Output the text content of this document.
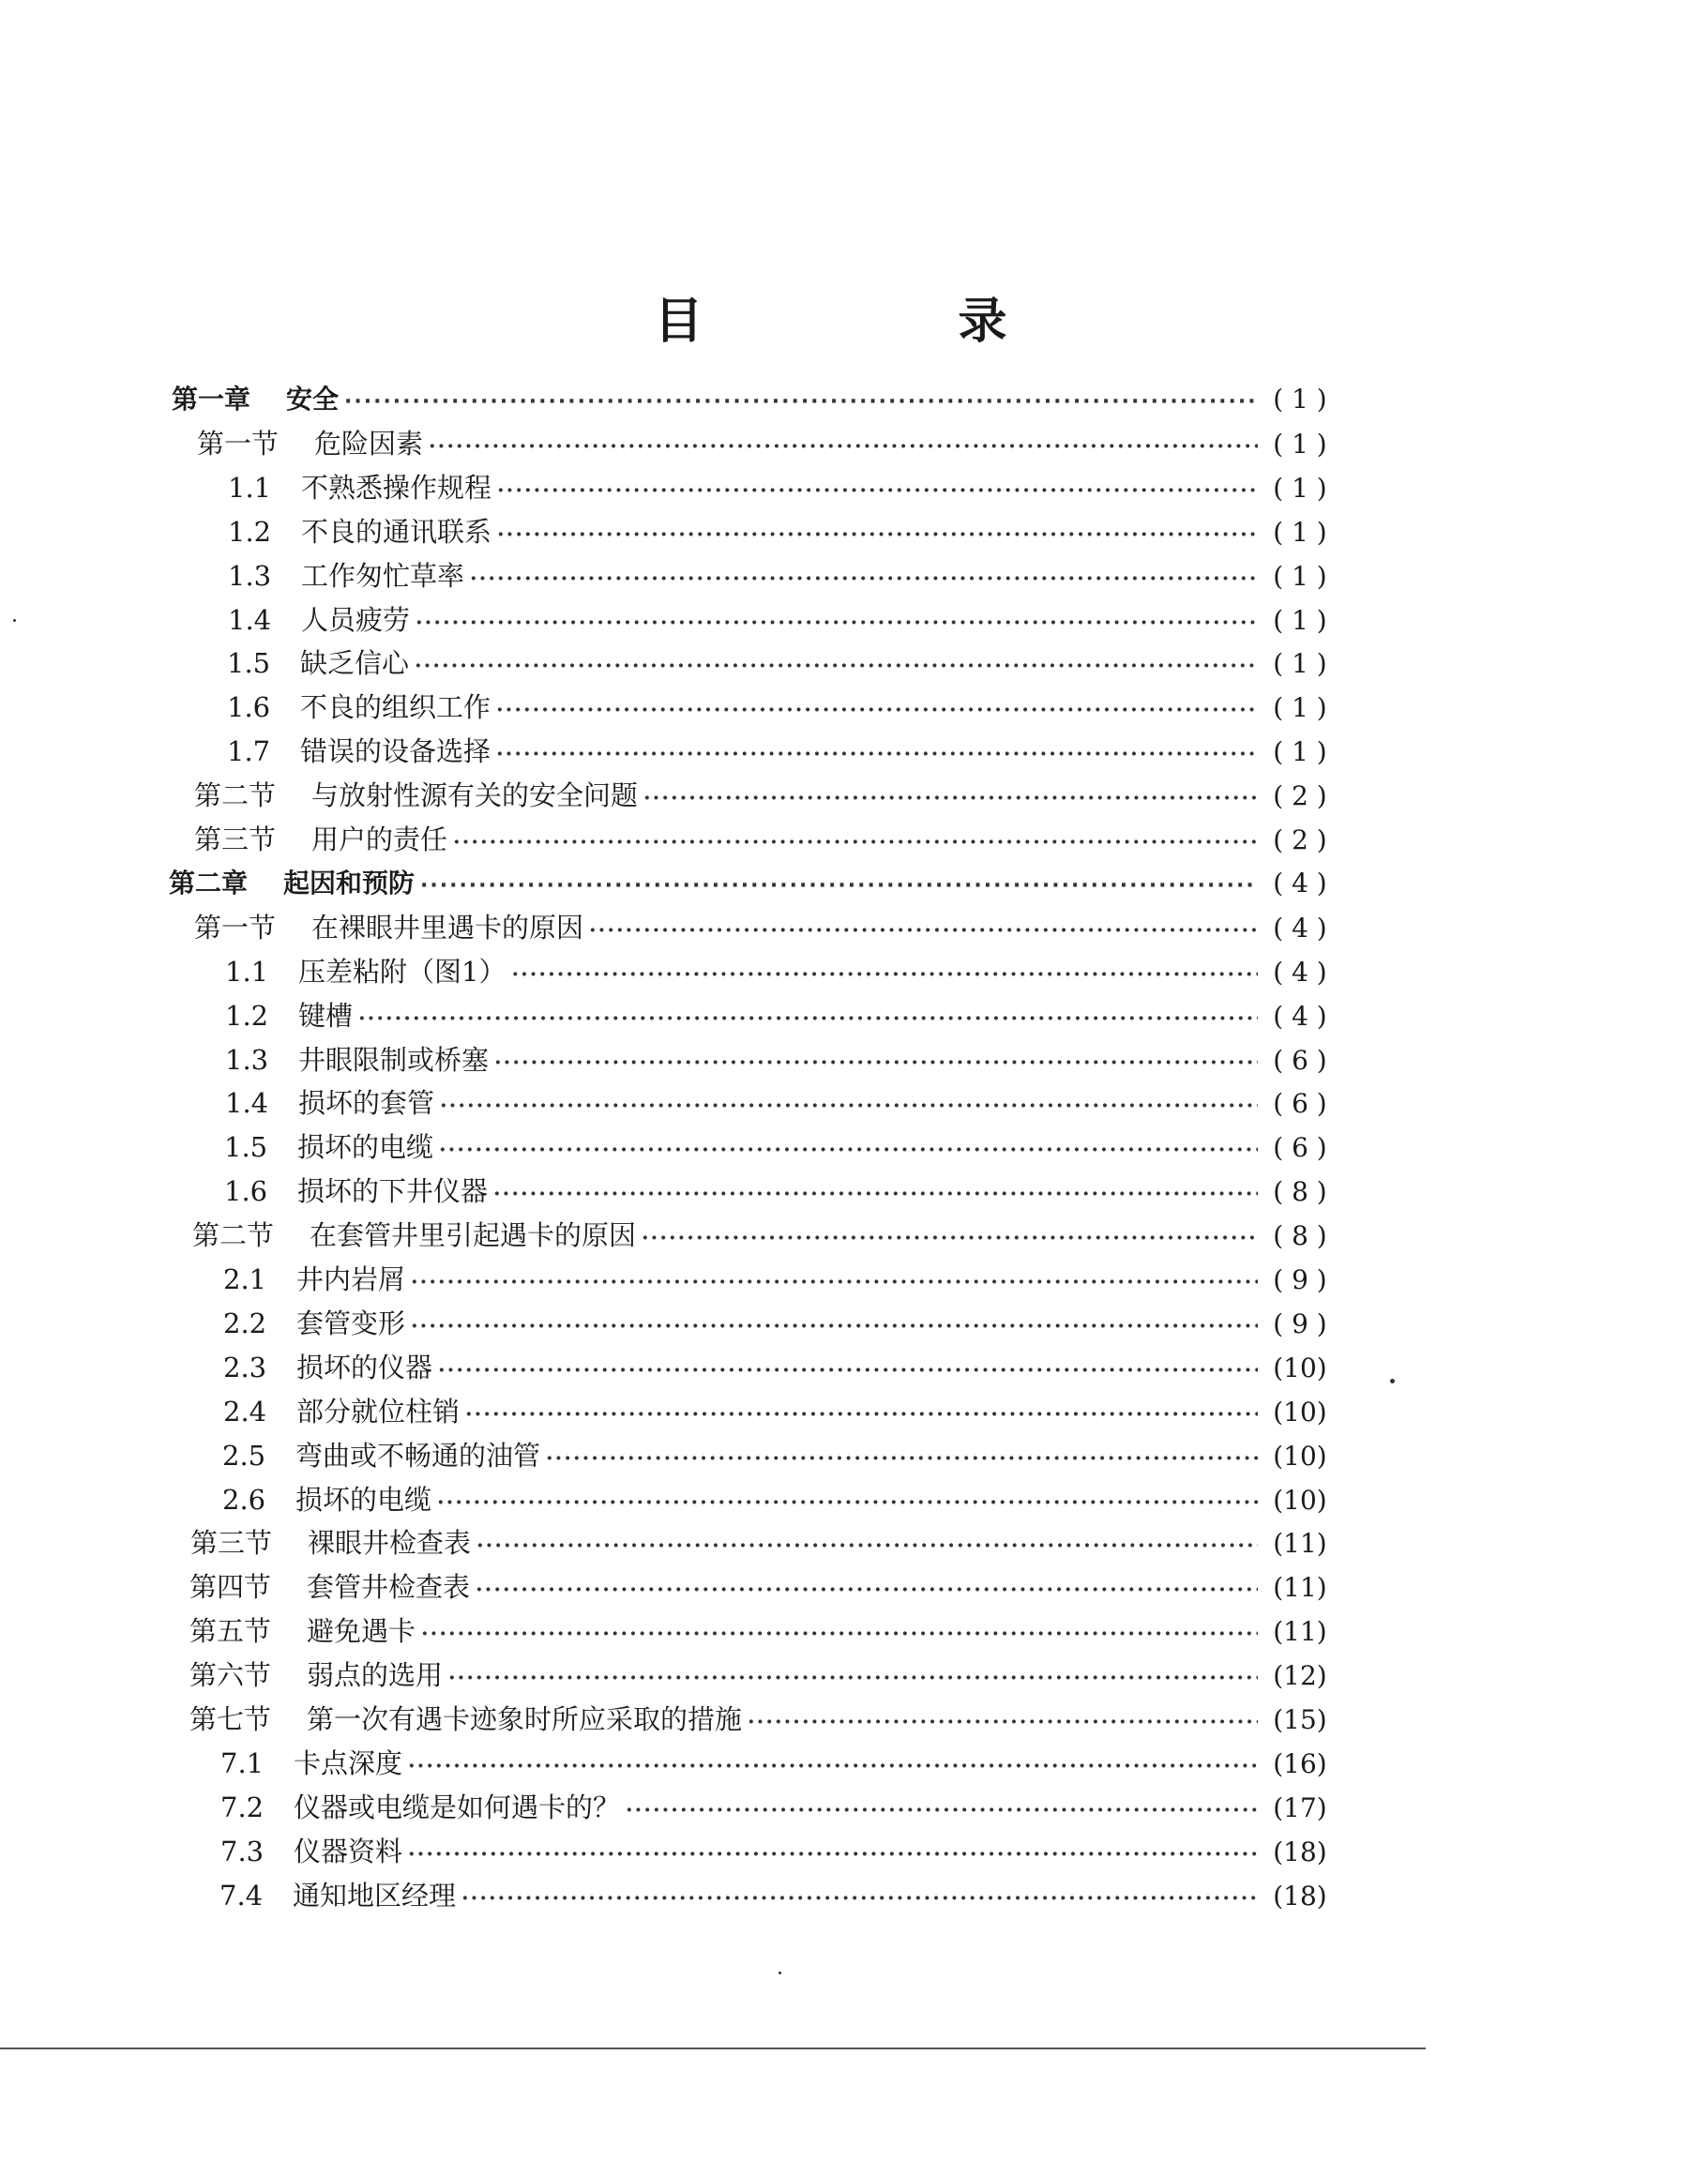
目　录
第一章	安全 ·····	( 1 )
第一节	危险因素 ·····	( 1 )
1.1	不熟悉操作规程 ·····	( 1 )
1.2	不良的通讯联系 ·····	( 1 )
1.3	工作匆忙草率 ·····	( 1 )
1.4	人员疲劳 ·····	( 1 )
1.5	缺乏信心 ·····	( 1 )
1.6	不良的组织工作 ·····	( 1 )
1.7	错误的设备选择 ·····	( 1 )
第二节	与放射性源有关的安全问题 ·····	( 2 )
第三节	用户的责任 ·····	( 2 )
第二章	起因和预防 ·····	( 4 )
第一节	在裸眼井里遇卡的原因 ·····	( 4 )
1.1	压差粘附（图1） ·····	( 4 )
1.2	键槽 ·····	( 4 )
1.3	井眼限制或桥塞 ·····	( 6 )
1.4	损坏的套管 ·····	( 6 )
1.5	损坏的电缆 ·····	( 6 )
1.6	损坏的下井仪器 ·····	( 8 )
第二节	在套管井里引起遇卡的原因 ·····	( 8 )
2.1	井内岩屑 ·····	( 9 )
2.2	套管变形 ·····	( 9 )
2.3	损坏的仪器 ·····	(10)
2.4	部分就位柱销 ·····	(10)
2.5	弯曲或不畅通的油管 ·····	(10)
2.6	损坏的电缆 ·····	(10)
第三节	裸眼井检查表 ·····	(11)
第四节	套管井检查表 ·····	(11)
第五节	避免遇卡 ·····	(11)
第六节	弱点的选用 ·····	(12)
第七节	第一次有遇卡迹象时所应采取的措施 ·····	(15)
7.1	卡点深度 ·····	(16)
7.2	仪器或电缆是如何遇卡的？ ·····	(17)
7.3	仪器资料 ·····	(18)
7.4	通知地区经理 ·····	(18)
